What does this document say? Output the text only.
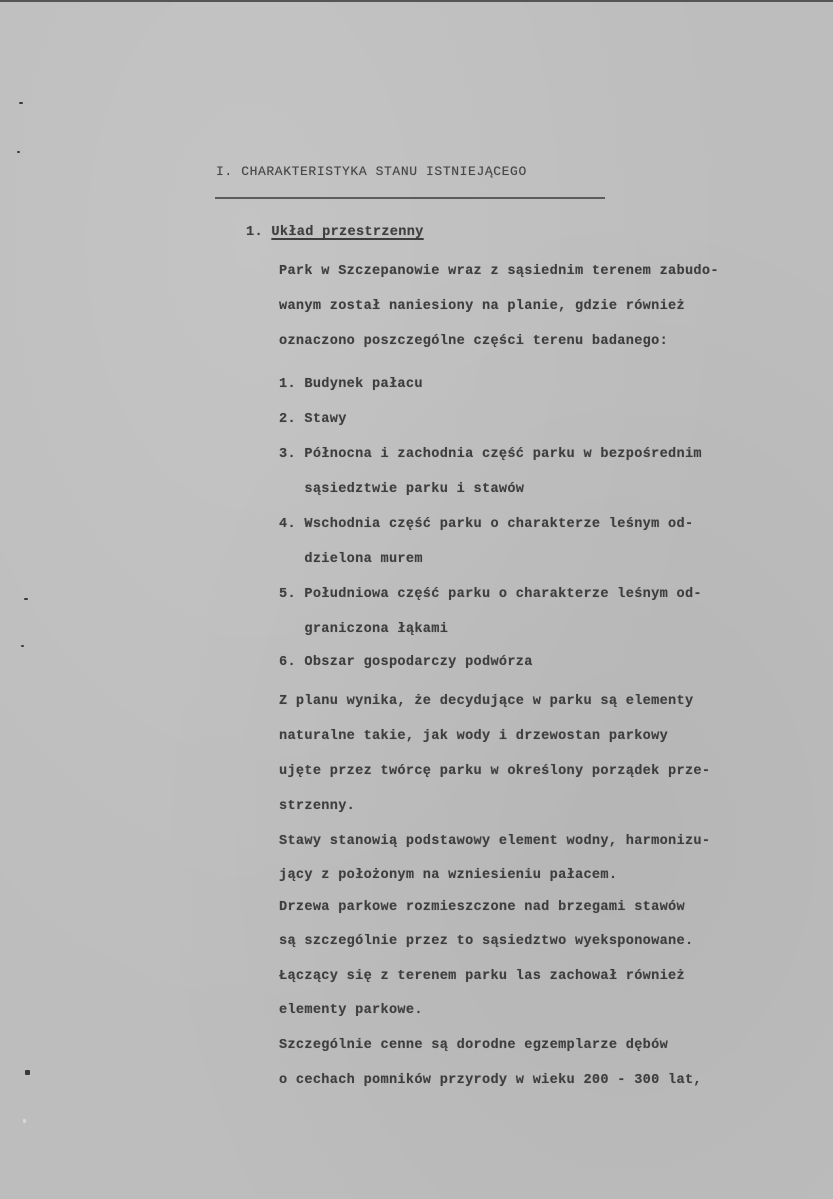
I. CHARAKTERISTYKA STANU ISTNIEJĄCEGO
1. Układ przestrzenny
Park w Szczepanowie wraz z sąsiednim terenem zabudo-
wanym został naniesiony na planie, gdzie również
oznaczono poszczególne części terenu badanego:
1. Budynek pałacu
2. Stawy
3. Północna i zachodnia część parku w bezpośrednim
sąsiedztwie parku i stawów
4. Wschodnia część parku o charakterze leśnym od-
dzielona murem
5. Południowa część parku o charakterze leśnym od-
graniczona łąkami
6. Obszar gospodarczy podwórza
Z planu wynika, że decydujące w parku są elementy
naturalne takie, jak wody i drzewostan parkowy
ujęte przez twórcę parku w określony porządek prze-
strzenny.
Stawy stanowią podstawowy element wodny, harmonizu-
jący z położonym na wzniesieniu pałacem.
Drzewa parkowe rozmieszczone nad brzegami stawów
są szczególnie przez to sąsiedztwo wyeksponowane.
Łączący się z terenem parku las zachował również
elementy parkowe.
Szczególnie cenne są dorodne egzemplarze dębów
o cechach pomników przyrody w wieku 200 - 300 lat,
